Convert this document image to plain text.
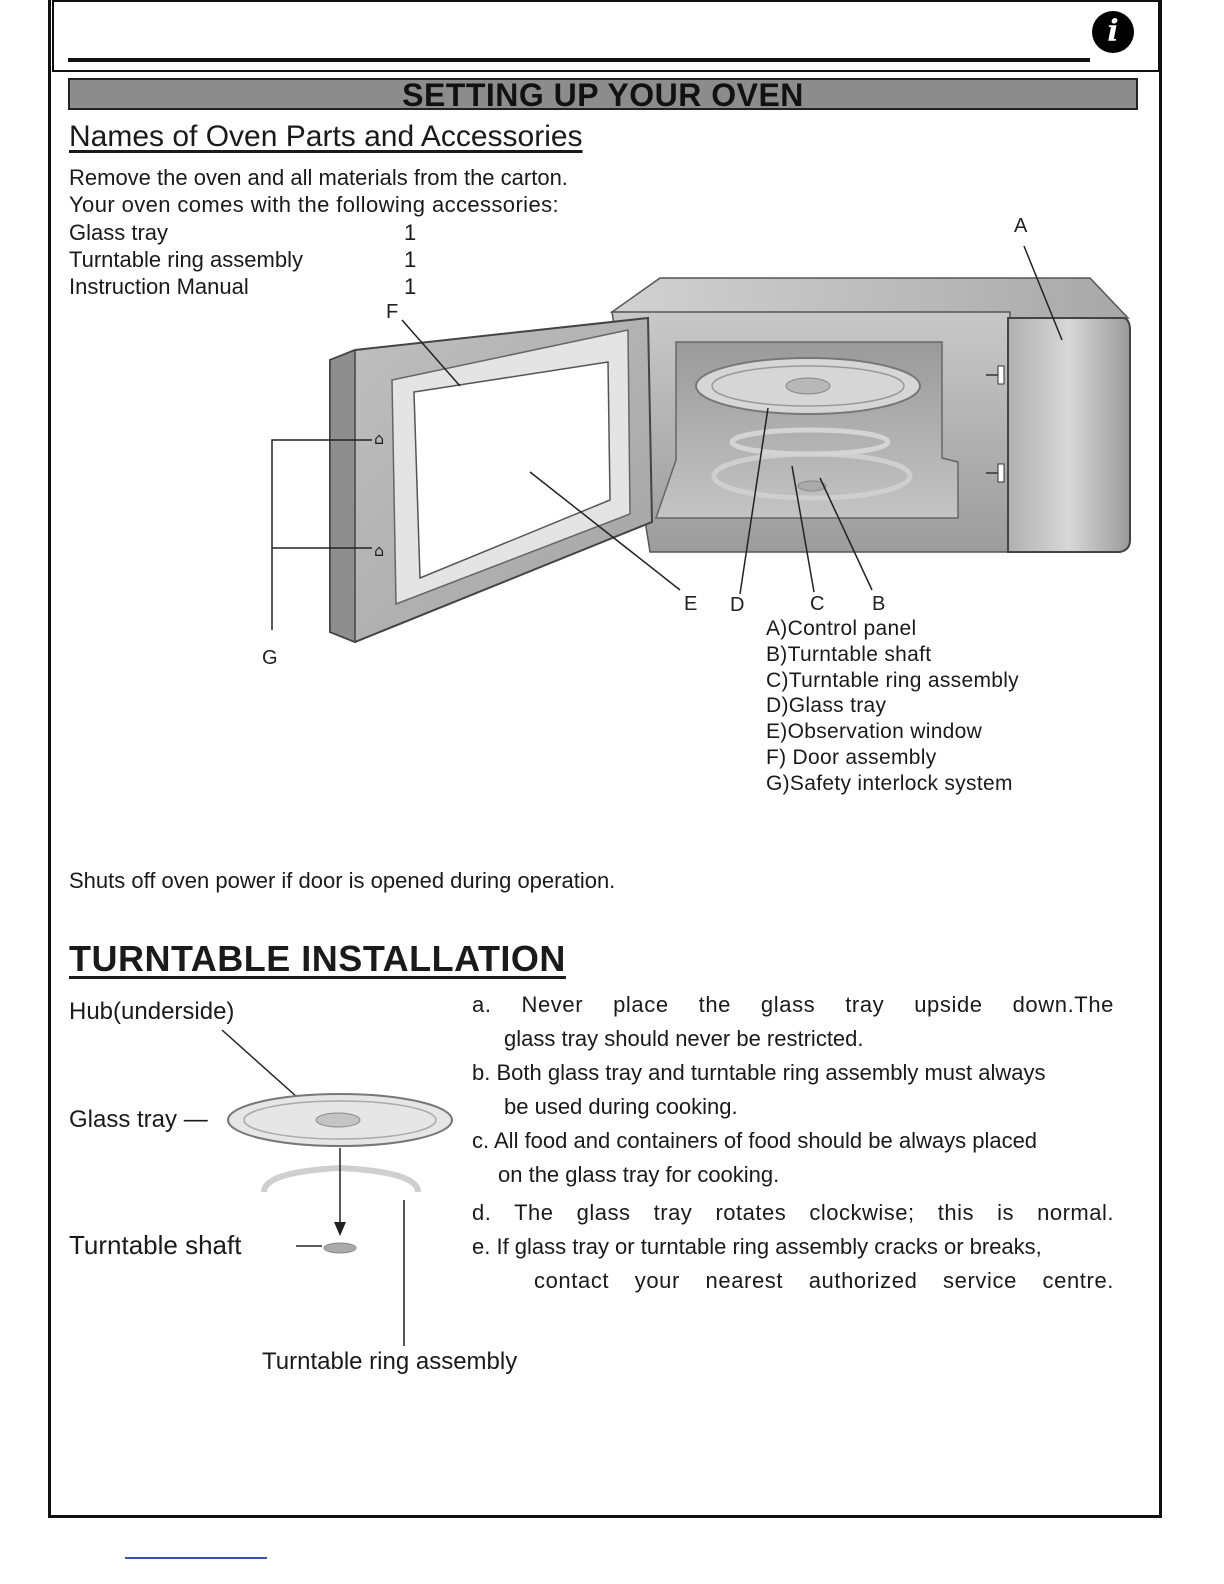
i
SETTING UP YOUR OVEN
Names of Oven Parts and Accessories
Remove the oven and all materials from the carton.
Your oven comes with the following accessories:
Glass tray	1
Turntable ring assembly	1
Instruction Manual	1
⌂
⌂
A
B
C
D
E
F
G
A)Control panel
B)Turntable shaft
C)Turntable ring assembly
D)Glass tray
E)Observation window
F) Door assembly
G)Safety interlock system
Shuts off oven power if door is opened during operation.
TURNTABLE INSTALLATION
Hub(underside)
Glass tray —
Turntable shaft
Turntable ring assembly
a. Never place the glass tray upside down.The
glass tray should never be restricted.
b. Both glass tray and turntable ring assembly must always
be used during cooking.
c. All food and containers of food should be always placed
on the glass tray for cooking.
d. The glass tray rotates clockwise; this is normal.
e. If glass tray or turntable ring assembly cracks or breaks,
contact your nearest authorized service centre.
